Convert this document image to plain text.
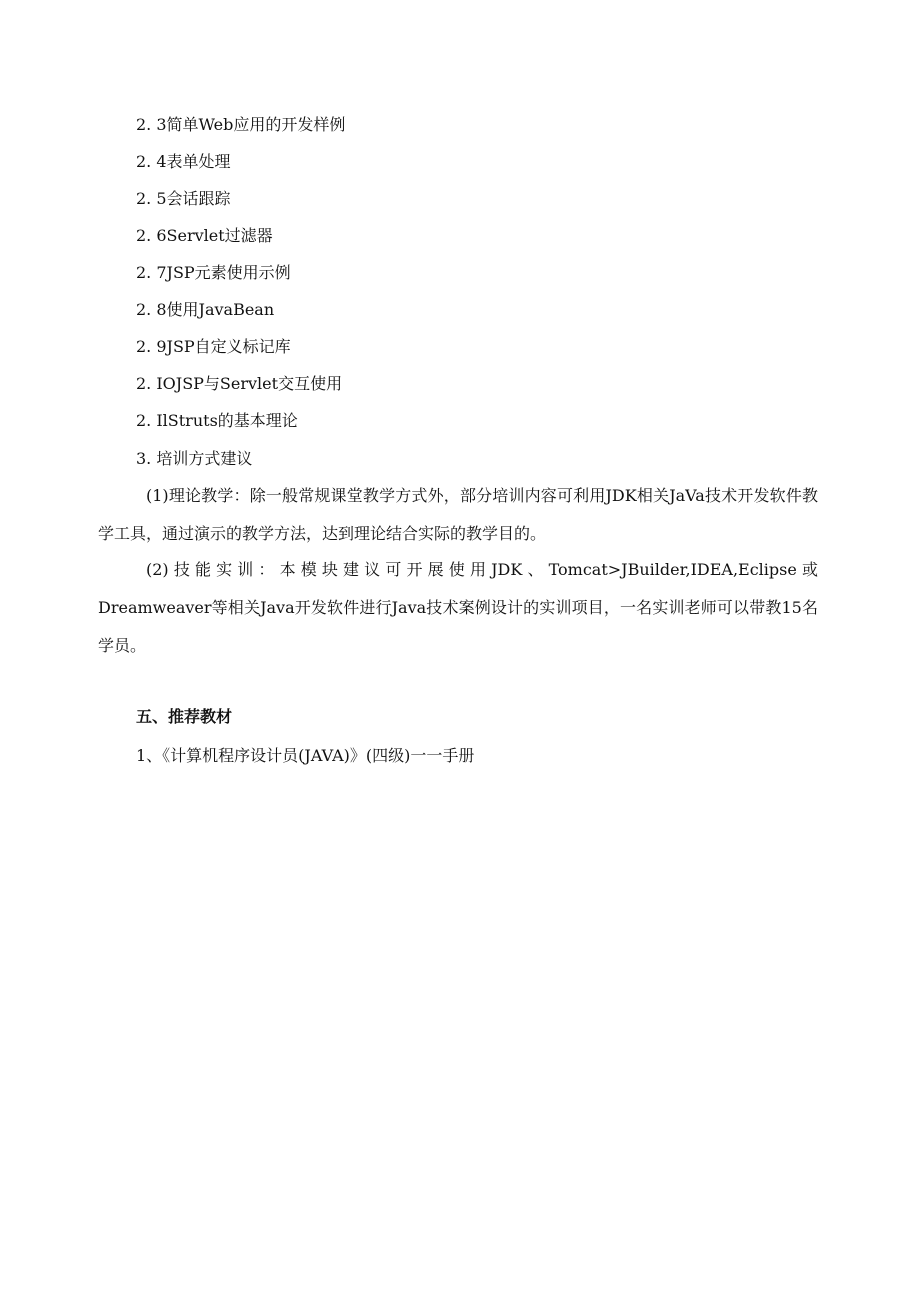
2. 3简单Web应用的开发样例
2. 4表单处理
2. 5会话跟踪
2. 6Servlet过滤器
2. 7JSP元素使用示例
2. 8使用JavaBean
2. 9JSP自定义标记库
2. IOJSP与Servlet交互使用
2. IlStruts的基本理论
3. 培训方式建议
(1)理论教学：除一般常规课堂教学方式外，部分培训内容可利用JDK相关JaVa技术开发软件教学工具，通过演示的教学方法，达到理论结合实际的教学目的。
(2)技能实训：本模块建议可开展使用JDK、Tomcat>JBuilder,IDEA,Eclipse或Dreamweaver等相关Java开发软件进行Java技术案例设计的实训项目，一名实训老师可以带教15名学员。
五、推荐教材
1、《计算机程序设计员(JAVA)》(四级)一一手册
